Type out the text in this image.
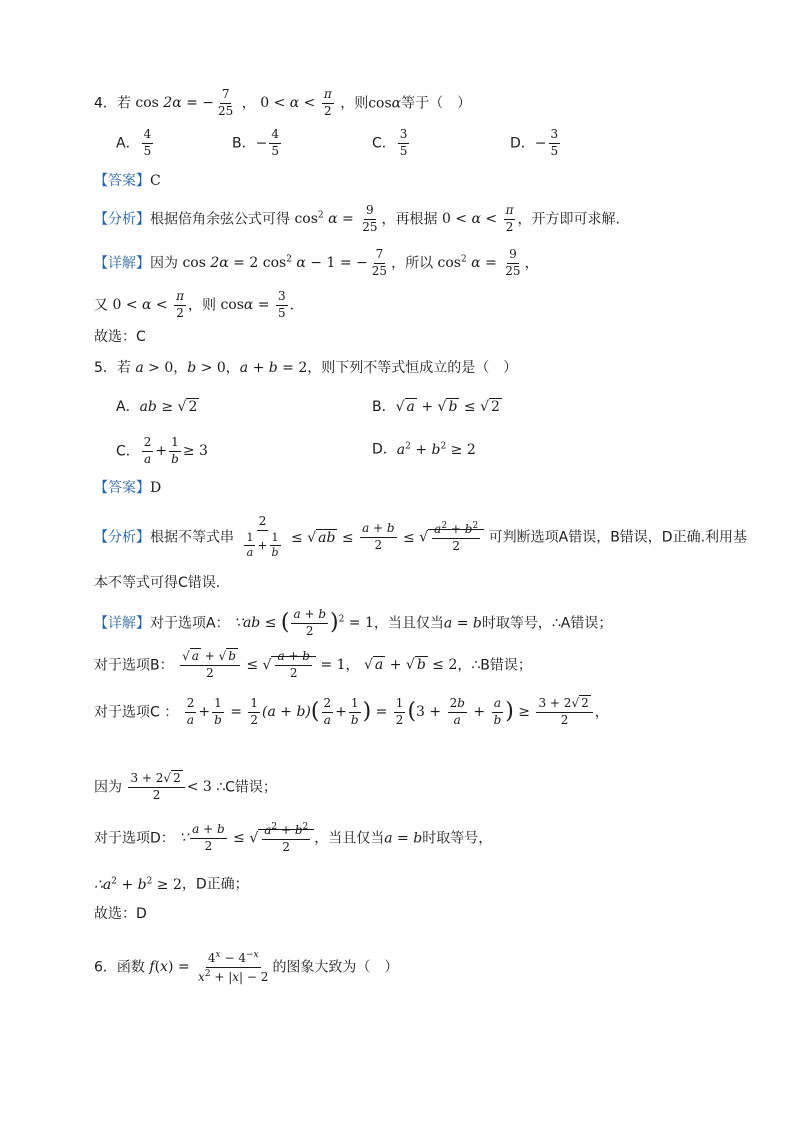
4．若 cos 2α = − $\frac{7}{25}$ ， $0 < \alpha < \frac{\pi}{2}$ ，则cosα等于（　）
A． $\frac{4}{5}$	B．− $\frac{4}{5}$	C． $\frac{3}{5}$	D．− $\frac{3}{5}$
【答案】C
【分析】根据倍角余弦公式可得 $\cos^2 \alpha = \frac{9}{25}$ ，再根据 $0 < \alpha < \frac{\pi}{2}$ ，开方即可求解.
【详解】因为 cos 2α = 2 $\cos^2 \alpha - 1$ = − $\frac{7}{25}$ ，所以 $\cos^2 \alpha = \frac{9}{25}$ ，
又 $0 < \alpha < \frac{\pi}{2}$ ，则 $\cos\alpha = \frac{3}{5}$ .
故选：C
5．若 a > 0，b > 0，a + b = 2，则下列不等式恒成立的是（　）
A．ab ≥ √ 2	B．√ a + √ b ≤ √ 2
C． $\frac{2}{a} + \frac{1}{b} \ge 3$	D．$a^2 + b^2 \ge 2$
【答案】D
【分析】根据不等式串 $\frac{2}{\frac{1}{a} + \frac{1}{b}}$ ≤ √ ab ≤ $\frac{a + b}{2}$ ≤ √ $\frac{a^2 + b^2}{2}$ 可判断选项A错误，B错误，D正确.利用基
本不等式可得C错误.
【详解】对于选项A： ∵ab ≤ ( $\frac{a + b}{2} )^2 = 1$，当且仅当a = b时取等号，∴A错误；
对于选项B： $\frac{√ a + √ b}{2}$ ≤ √ $\frac{a + b}{2} = 1$， √ a + √ b ≤ 2，∴B错误；
对于选项C ： $\frac{2}{a} + \frac{1}{b} = \frac{1}{2} (a + b)( \frac{2}{a} + \frac{1}{b}$ ) = $\frac{1}{2} (3 + \frac{2b}{a} + \frac{a}{b}$ ) ≥ $\frac{3 + 2√ 2}{2}$ ，
因为 $\frac{3 + 2√ 2}{2} < 3$ ∴C错误；
对于选项D： ∵ $\frac{a + b}{2}$ ≤ √ $\frac{a^2 + b^2}{2}$ ，当且仅当a = b时取等号，
$\therefore a^2 + b^2 \ge 2$，D正确；
故选：D
6．函数 $f(x) = \frac{4^x - 4^{-x}}{x^2 + |x| - 2}$ 的图象大致为（　）
